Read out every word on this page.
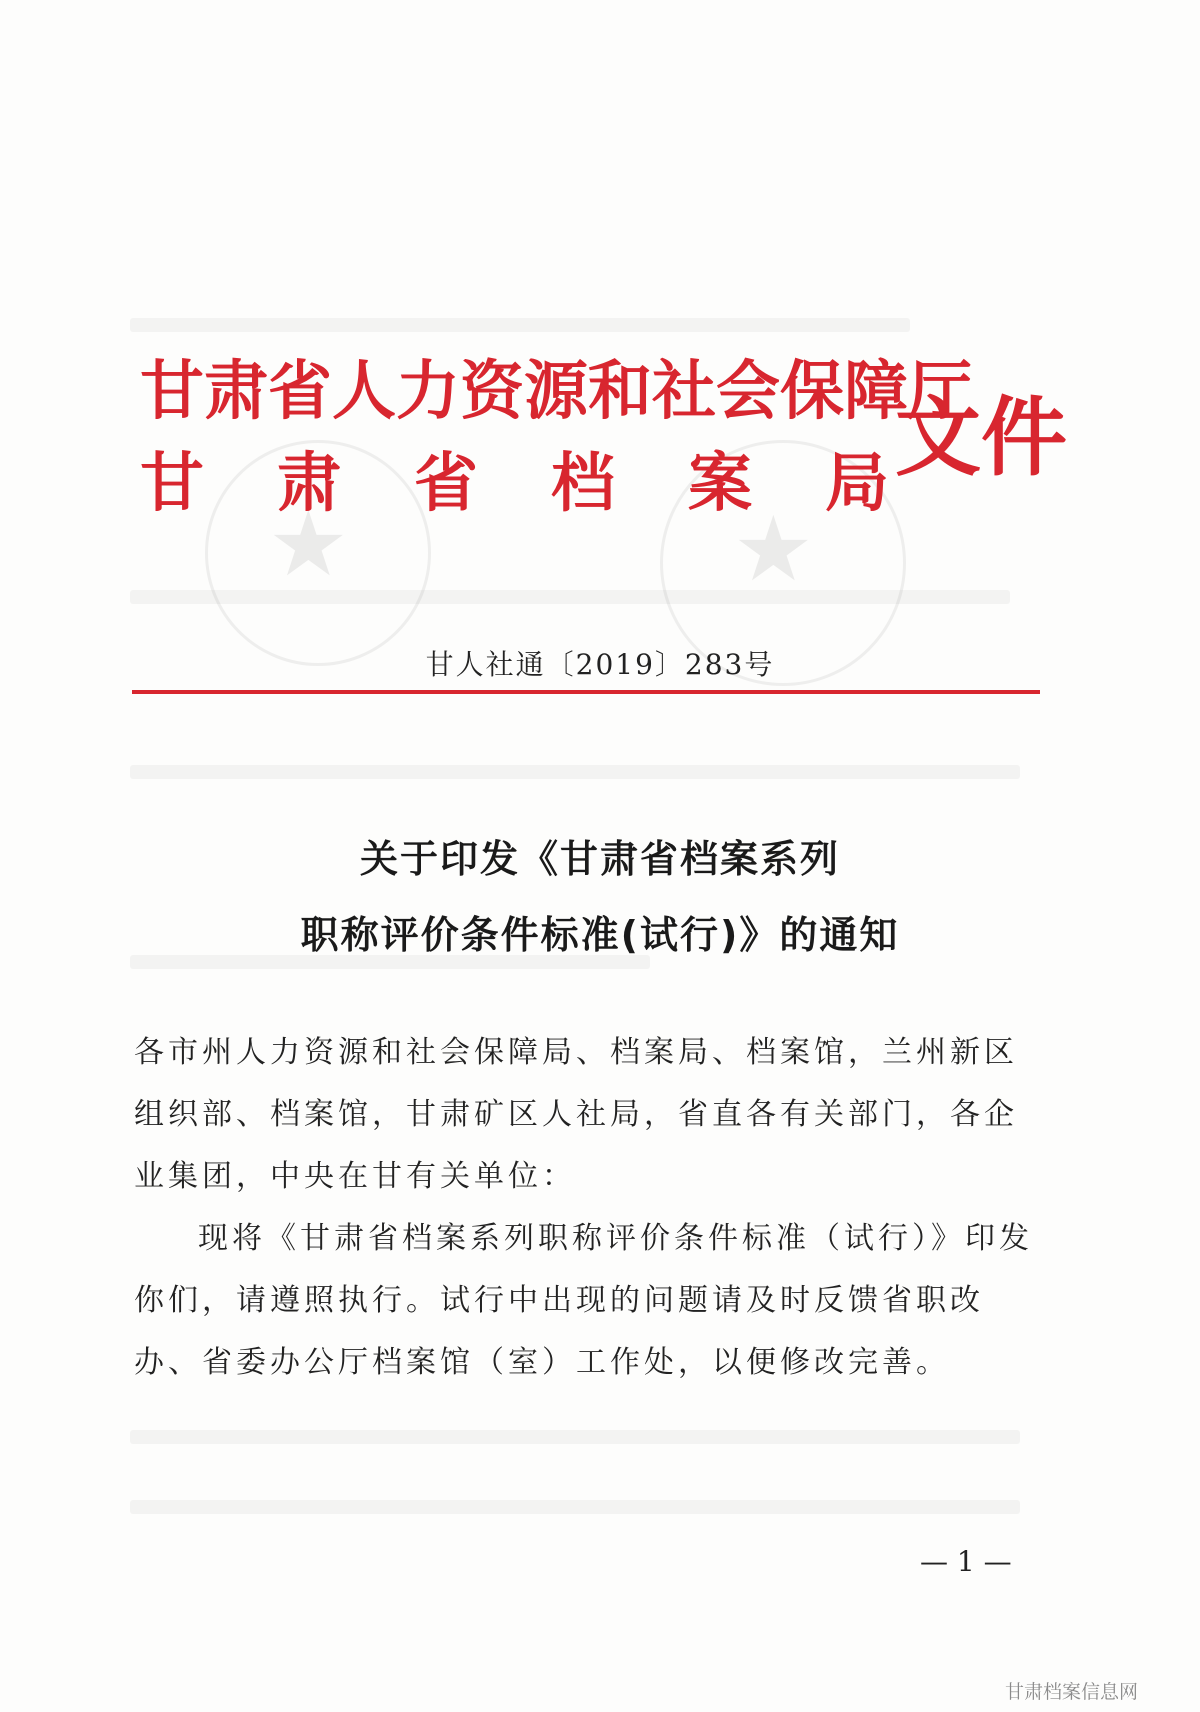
★	★
甘肃省人力资源和社会保障厅
甘肃省档案局
文件
甘人社通〔2019〕283号
关于印发《甘肃省档案系列
职称评价条件标准(试行)》的通知
各市州人力资源和社会保障局、档案局、档案馆，兰州新区组织部、档案馆，甘肃矿区人社局，省直各有关部门，各企业集团，中央在甘有关单位：
现将《甘肃省档案系列职称评价条件标准（试行）》印发你们，请遵照执行。试行中出现的问题请及时反馈省职改办、省委办公厅档案馆（室）工作处，以便修改完善。
— 1 —
甘肃档案信息网
